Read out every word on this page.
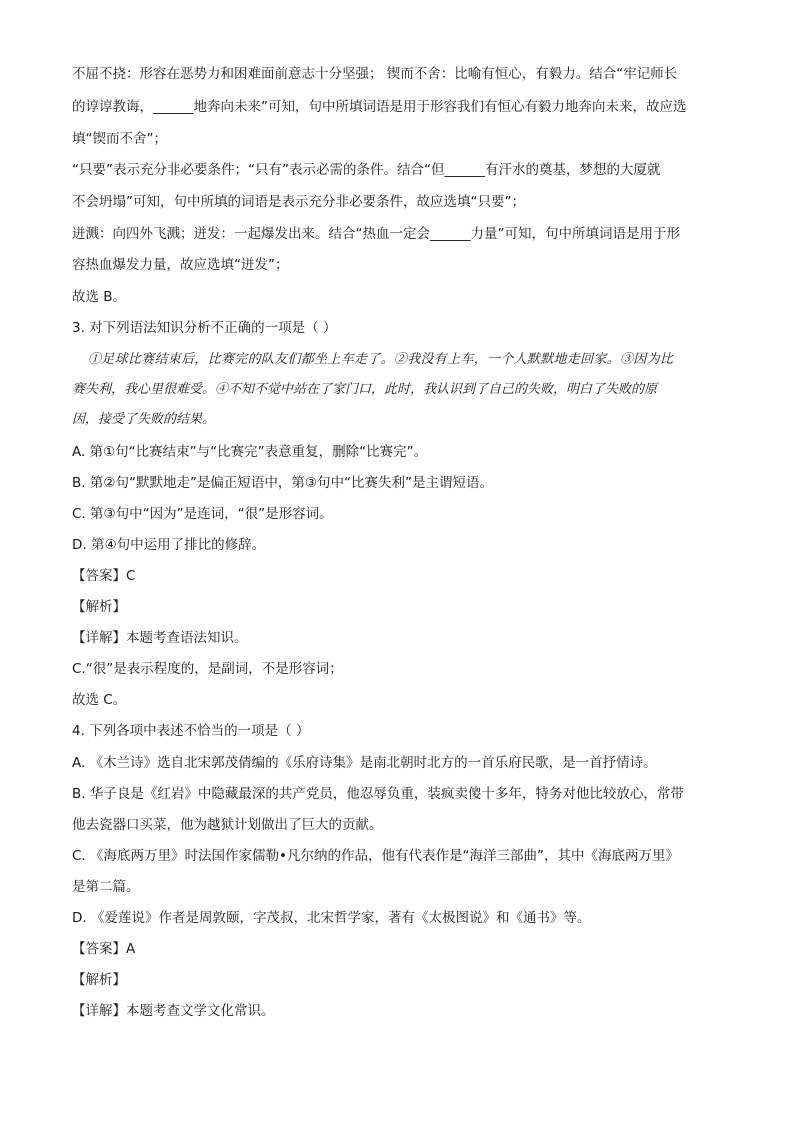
不屈不挠：形容在恶势力和困难面前意志十分坚强； 锲而不舍：比喻有恒心，有毅力。结合“牢记师长
的谆谆教诲，______地奔向未来”可知，句中所填词语是用于形容我们有恒心有毅力地奔向未来，故应选
填“锲而不舍”；
“只要”表示充分非必要条件；“只有”表示必需的条件。结合“但______有汗水的奠基，梦想的大厦就
不会坍塌”可知，句中所填的词语是表示充分非必要条件，故应选填“只要”；
迸溅：向四外飞溅；迸发：一起爆发出来。结合“热血一定会______力量”可知，句中所填词语是用于形
容热血爆发力量，故应选填“迸发”；
故选 B。
3. 对下列语法知识分析不正确的一项是（ ）
①足球比赛结束后，比赛完的队友们都坐上车走了。②我没有上车，一个人默默地走回家。③因为比
赛失利，我心里很难受。④不知不觉中站在了家门口，此时，我认识到了自己的失败，明白了失败的原
因，接受了失败的结果。
A. 第①句“比赛结束”与“比赛完”表意重复，删除“比赛完”。
B. 第②句“默默地走”是偏正短语中，第③句中“比赛失利”是主谓短语。
C. 第③句中“因为”是连词，“很”是形容词。
D. 第④句中运用了排比的修辞。
【答案】C
【解析】
【详解】本题考查语法知识。
C.“很”是表示程度的，是副词，不是形容词；
故选 C。
4. 下列各项中表述不恰当的一项是（ ）
A. 《木兰诗》选自北宋郭茂倩编的《乐府诗集》是南北朝时北方的一首乐府民歌，是一首抒情诗。
B. 华子良是《红岩》中隐藏最深的共产党员，他忍辱负重，装疯卖傻十多年，特务对他比较放心，常带
他去瓷器口买菜，他为越狱计划做出了巨大的贡献。
C. 《海底两万里》时法国作家儒勒•凡尔纳的作品，他有代表作是“海洋三部曲”，其中《海底两万里》
是第二篇。
D. 《爱莲说》作者是周敦颐，字茂叔，北宋哲学家，著有《太极图说》和《通书》等。
【答案】A
【解析】
【详解】本题考查文学文化常识。
